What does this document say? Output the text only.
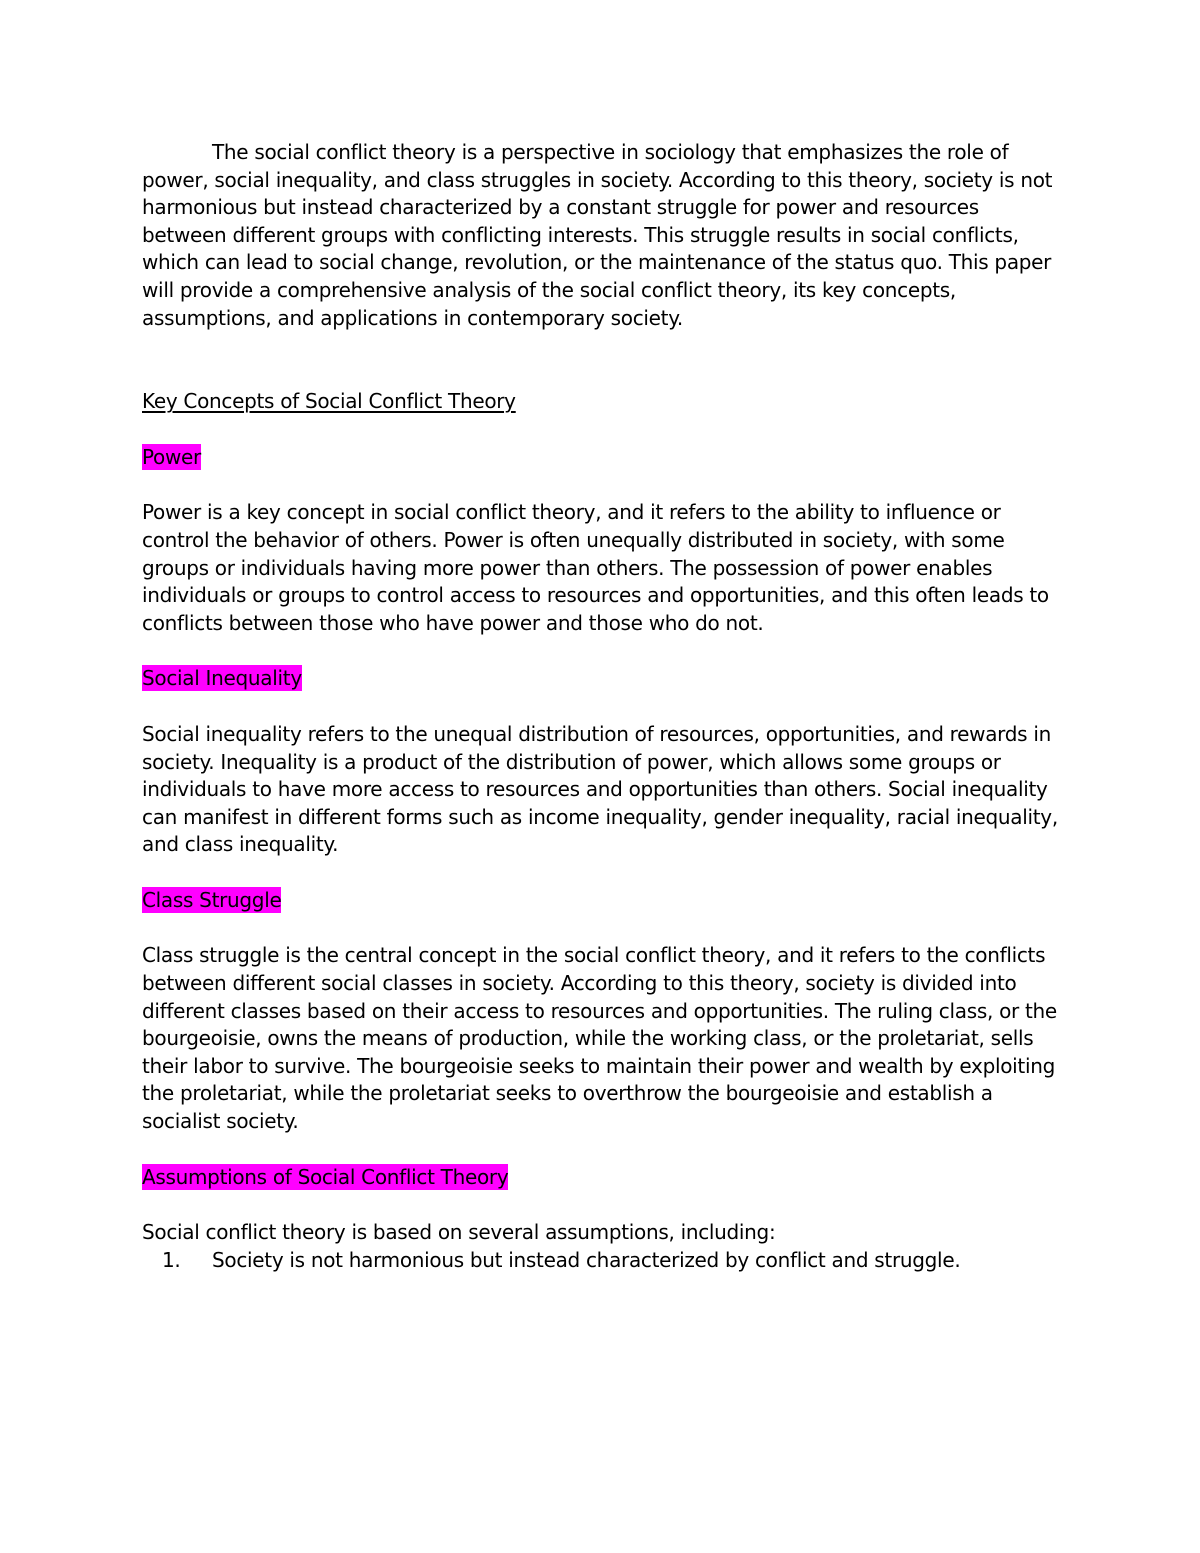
The social conflict theory is a perspective in sociology that emphasizes the role of power, social inequality, and class struggles in society. According to this theory, society is not harmonious but instead characterized by a constant struggle for power and resources between different groups with conflicting interests. This struggle results in social conflicts, which can lead to social change, revolution, or the maintenance of the status quo. This paper will provide a comprehensive analysis of the social conflict theory, its key concepts, assumptions, and applications in contemporary society.

Key Concepts of Social Conflict Theory

Power

Power is a key concept in social conflict theory, and it refers to the ability to influence or control the behavior of others. Power is often unequally distributed in society, with some groups or individuals having more power than others. The possession of power enables individuals or groups to control access to resources and opportunities, and this often leads to conflicts between those who have power and those who do not.

Social Inequality

Social inequality refers to the unequal distribution of resources, opportunities, and rewards in society. Inequality is a product of the distribution of power, which allows some groups or individuals to have more access to resources and opportunities than others. Social inequality can manifest in different forms such as income inequality, gender inequality, racial inequality, and class inequality.

Class Struggle

Class struggle is the central concept in the social conflict theory, and it refers to the conflicts between different social classes in society. According to this theory, society is divided into different classes based on their access to resources and opportunities. The ruling class, or the bourgeoisie, owns the means of production, while the working class, or the proletariat, sells their labor to survive. The bourgeoisie seeks to maintain their power and wealth by exploiting the proletariat, while the proletariat seeks to overthrow the bourgeoisie and establish a socialist society.

Assumptions of Social Conflict Theory

Social conflict theory is based on several assumptions, including:

1. Society is not harmonious but instead characterized by conflict and struggle.
